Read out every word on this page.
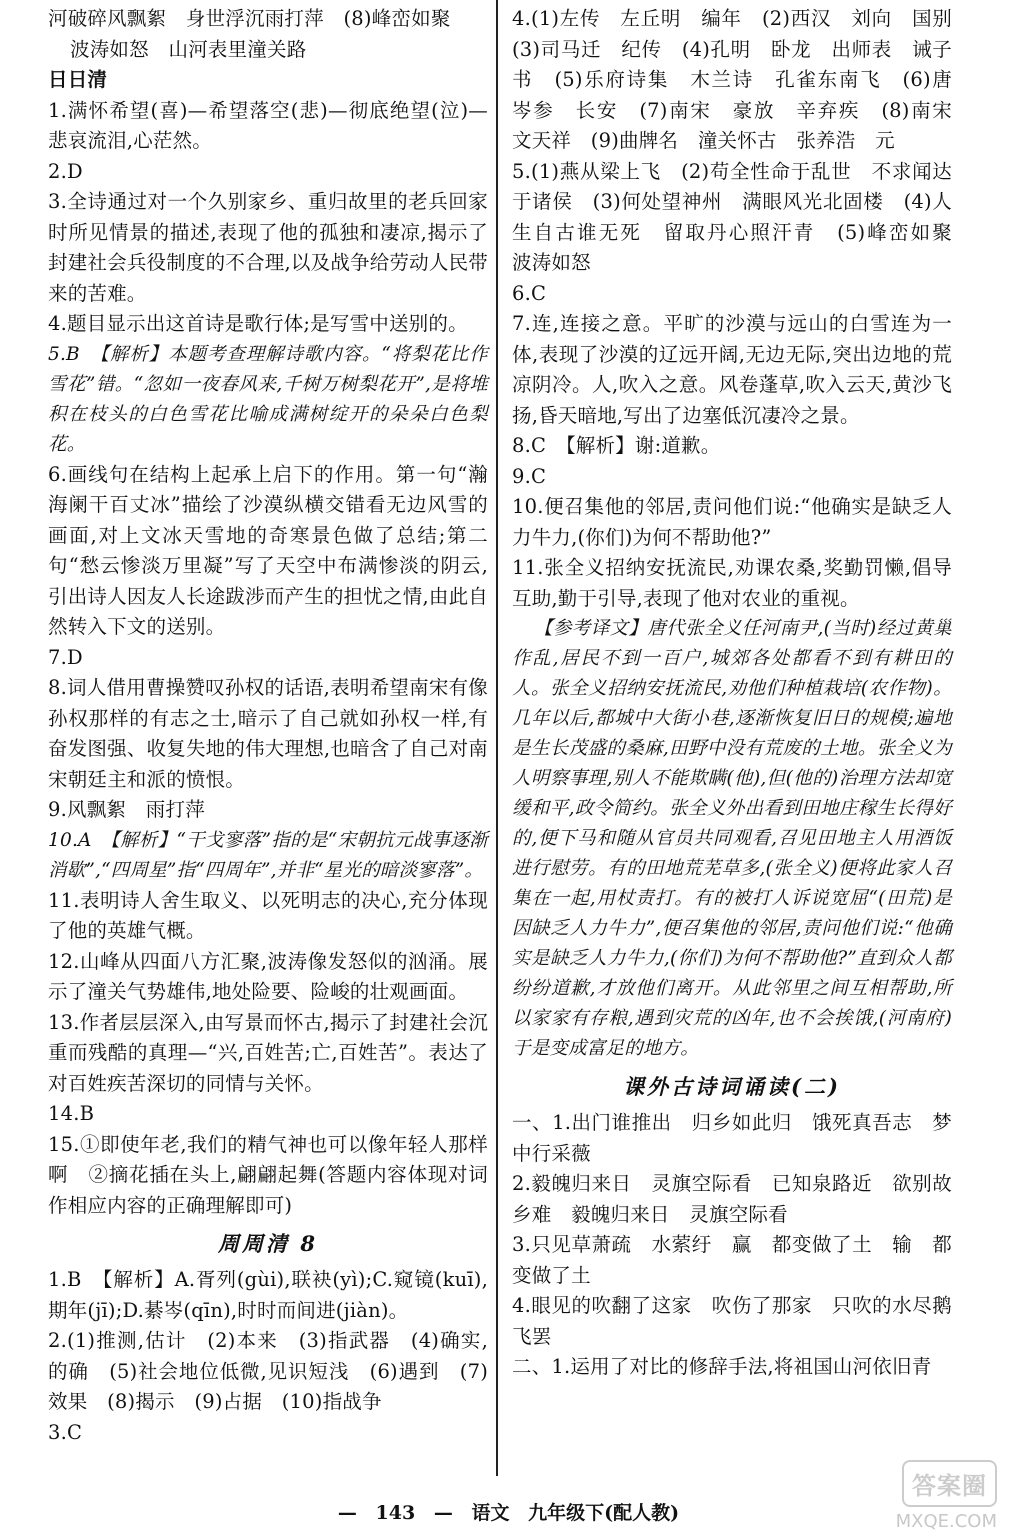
河破碎风飘絮　身世浮沉雨打萍　(8)峰峦如聚

波涛如怒　山河表里潼关路

日日清

1.满怀希望(喜)—希望落空(悲)—彻底绝望(泣)—悲哀流泪,心茫然。

2.D

3.全诗通过对一个久别家乡、重归故里的老兵回家时所见情景的描述,表现了他的孤独和凄凉,揭示了封建社会兵役制度的不合理,以及战争给劳动人民带来的苦难。

4.题目显示出这首诗是歌行体;是写雪中送别的。

5.B　【解析】本题考查理解诗歌内容。“将梨花比作雪花”错。“忽如一夜春风来,千树万树梨花开”,是将堆积在枝头的白色雪花比喻成满树绽开的朵朵白色梨花。

6.画线句在结构上起承上启下的作用。第一句“瀚海阑干百丈冰”描绘了沙漠纵横交错看无边风雪的画面,对上文冰天雪地的奇寒景色做了总结;第二句“愁云惨淡万里凝”写了天空中布满惨淡的阴云,引出诗人因友人长途跋涉而产生的担忧之情,由此自然转入下文的送别。

7.D

8.词人借用曹操赞叹孙权的话语,表明希望南宋有像孙权那样的有志之士,暗示了自己就如孙权一样,有奋发图强、收复失地的伟大理想,也暗含了自己对南宋朝廷主和派的愤恨。

9.风飘絮　雨打萍

10.A　【解析】“干戈寥落”指的是“宋朝抗元战事逐渐消歇”,“四周星”指“四周年”,并非“星光的暗淡寥落”。

11.表明诗人舍生取义、以死明志的决心,充分体现了他的英雄气概。

12.山峰从四面八方汇聚,波涛像发怒似的汹涌。展示了潼关气势雄伟,地处险要、险峻的壮观画面。

13.作者层层深入,由写景而怀古,揭示了封建社会沉重而残酷的真理—“兴,百姓苦;亡,百姓苦”。表达了对百姓疾苦深切的同情与关怀。

14.B

15.①即使年老,我们的精气神也可以像年轻人那样啊　②摘花插在头上,翩翩起舞(答题内容体现对词作相应内容的正确理解即可)

周周清 8

1.B　【解析】A.胥列(gùi),联袂(yì);C.窥镜(kuī),期年(jī);D.綦岑(qīn),时时而间进(jiàn)。

2.(1)推测,估计　(2)本来　(3)指武器　(4)确实,的确　(5)社会地位低微,见识短浅　(6)遇到　(7)效果　(8)揭示　(9)占据　(10)指战争

3.C

4.(1)左传　左丘明　编年　(2)西汉　刘向　国别　(3)司马迁　纪传　(4)孔明　卧龙　出师表　诫子书　(5)乐府诗集　木兰诗　孔雀东南飞　(6)唐　岑参　长安　(7)南宋　豪放　辛弃疾　(8)南宋　文天祥　(9)曲牌名　潼关怀古　张养浩　元

5.(1)燕从梁上飞　(2)苟全性命于乱世　不求闻达于诸侯　(3)何处望神州　满眼风光北固楼　(4)人生自古谁无死　留取丹心照汗青　(5)峰峦如聚　波涛如怒

6.C

7.连,连接之意。平旷的沙漠与远山的白雪连为一体,表现了沙漠的辽远开阔,无边无际,突出边地的荒凉阴冷。人,吹入之意。风卷蓬草,吹入云天,黄沙飞扬,昏天暗地,写出了边塞低沉凄冷之景。

8.C　【解析】谢:道歉。

9.C

10.便召集他的邻居,责问他们说:“他确实是缺乏人力牛力,(你们)为何不帮助他?”

11.张全义招纳安抚流民,劝课农桑,奖勤罚懒,倡导互助,勤于引导,表现了他对农业的重视。

【参考译文】唐代张全义任河南尹,(当时)经过黄巢作乱,居民不到一百户,城郊各处都看不到有耕田的人。张全义招纳安抚流民,劝他们种植栽培(农作物)。几年以后,都城中大街小巷,逐渐恢复旧日的规模;遍地是生长茂盛的桑麻,田野中没有荒废的土地。张全义为人明察事理,别人不能欺瞒(他),但(他的)治理方法却宽缓和平,政令简约。张全义外出看到田地庄稼生长得好的,便下马和随从官员共同观看,召见田地主人用酒饭进行慰劳。有的田地荒芜草多,(张全义)便将此家人召集在一起,用杖责打。有的被打人诉说宽屈“(田荒)是因缺乏人力牛力”,便召集他的邻居,责问他们说:“他确实是缺乏人力牛力,(你们)为何不帮助他?”直到众人都纷纷道歉,才放他们离开。从此邻里之间互相帮助,所以家家有存粮,遇到灾荒的凶年,也不会挨饿,(河南府)于是变成富足的地方。

课外古诗词诵读(二)

一、1.出门谁推出　归乡如此归　饿死真吾志　梦中行采薇

2.毅魄归来日　灵旗空际看　已知泉路近　欲别故乡难　毅魄归来日　灵旗空际看

3.只见草萧疏　水萦纡　赢　都变做了土　输　都变做了土

4.眼见的吹翻了这家　吹伤了那家　只吹的水尽鹅飞罢

二、1.运用了对比的修辞手法,将祖国山河依旧青

— 143 — 语文 九年级下(配人教)
答案圈
MXQE.COM
